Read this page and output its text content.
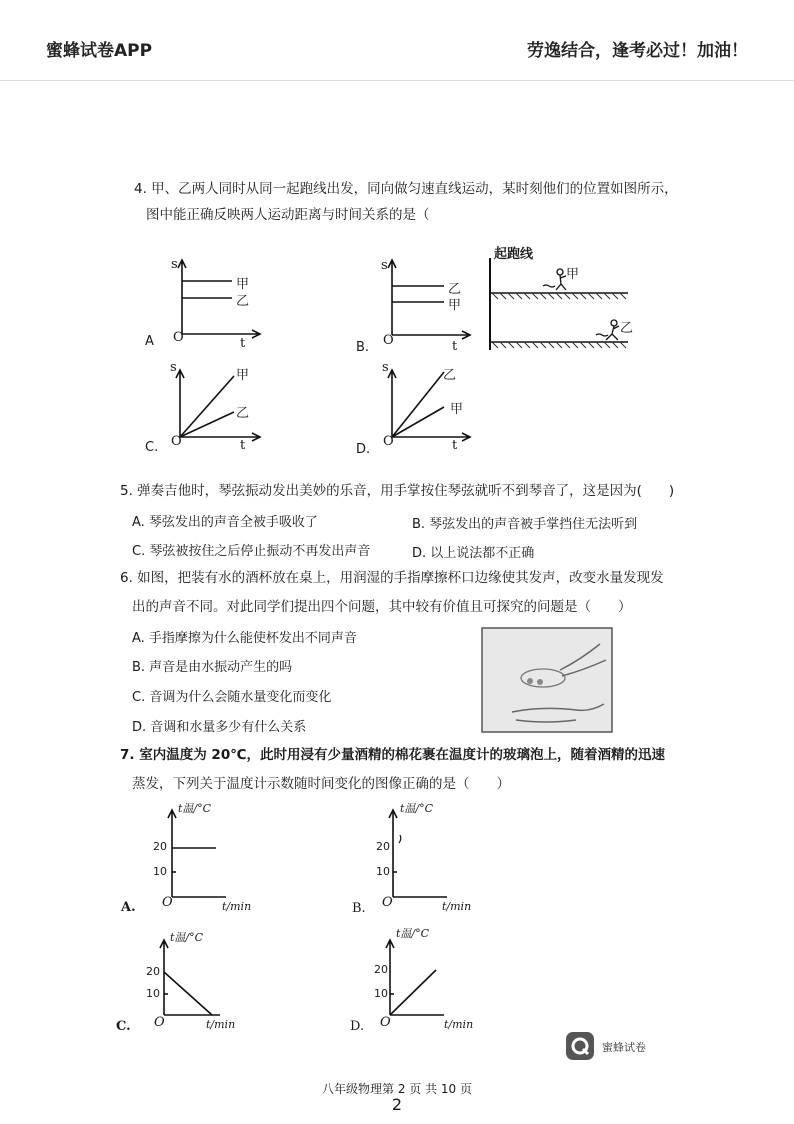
蜜蜂试卷APP	劳逸结合，逢考必过！加油！
4. 甲、乙两人同时从同一起跑线出发，同向做匀速直线运动，某时刻他们的位置如图所示，
图中能正确反映两人运动距离与时间关系的是（
s
甲
乙
A O	t
s
乙
甲
B. O	t
起跑线
甲
乙
s
甲
乙
C. O	t
s
乙
甲
D.
O	t
5. 弹奏吉他时，琴弦振动发出美妙的乐音，用手掌按住琴弦就听不到琴音了，这是因为(　　)
A. 琴弦发出的声音全被手吸收了	B. 琴弦发出的声音被手掌挡住无法听到
C. 琴弦被按住之后停止振动不再发出声音	D. 以上说法都不正确
6. 如图，把装有水的酒杯放在桌上，用润湿的手指摩擦杯口边缘使其发声，改变水量发现发
出的声音不同。对此同学们提出四个问题，其中较有价值且可探究的问题是（　　）
A. 手指摩擦为什么能使杯发出不同声音
B. 声音是由水振动产生的吗
C. 音调为什么会随水量变化而变化
D. 音调和水量多少有什么关系
7. 室内温度为 20℃，此时用浸有少量酒精的棉花裹在温度计的玻璃泡上，随着酒精的迅速
蒸发，下列关于温度计示数随时间变化的图像正确的是（　　）
t温/°C
20
10
O	t/min
A.
t温/°C
20
10
O	t/min
B.
t温/°C
20
10
O	t/min
C.
t温/°C
20
10
O	t/min
D.
蜜蜂试卷
八年级物理第 2 页 共 10 页
2
